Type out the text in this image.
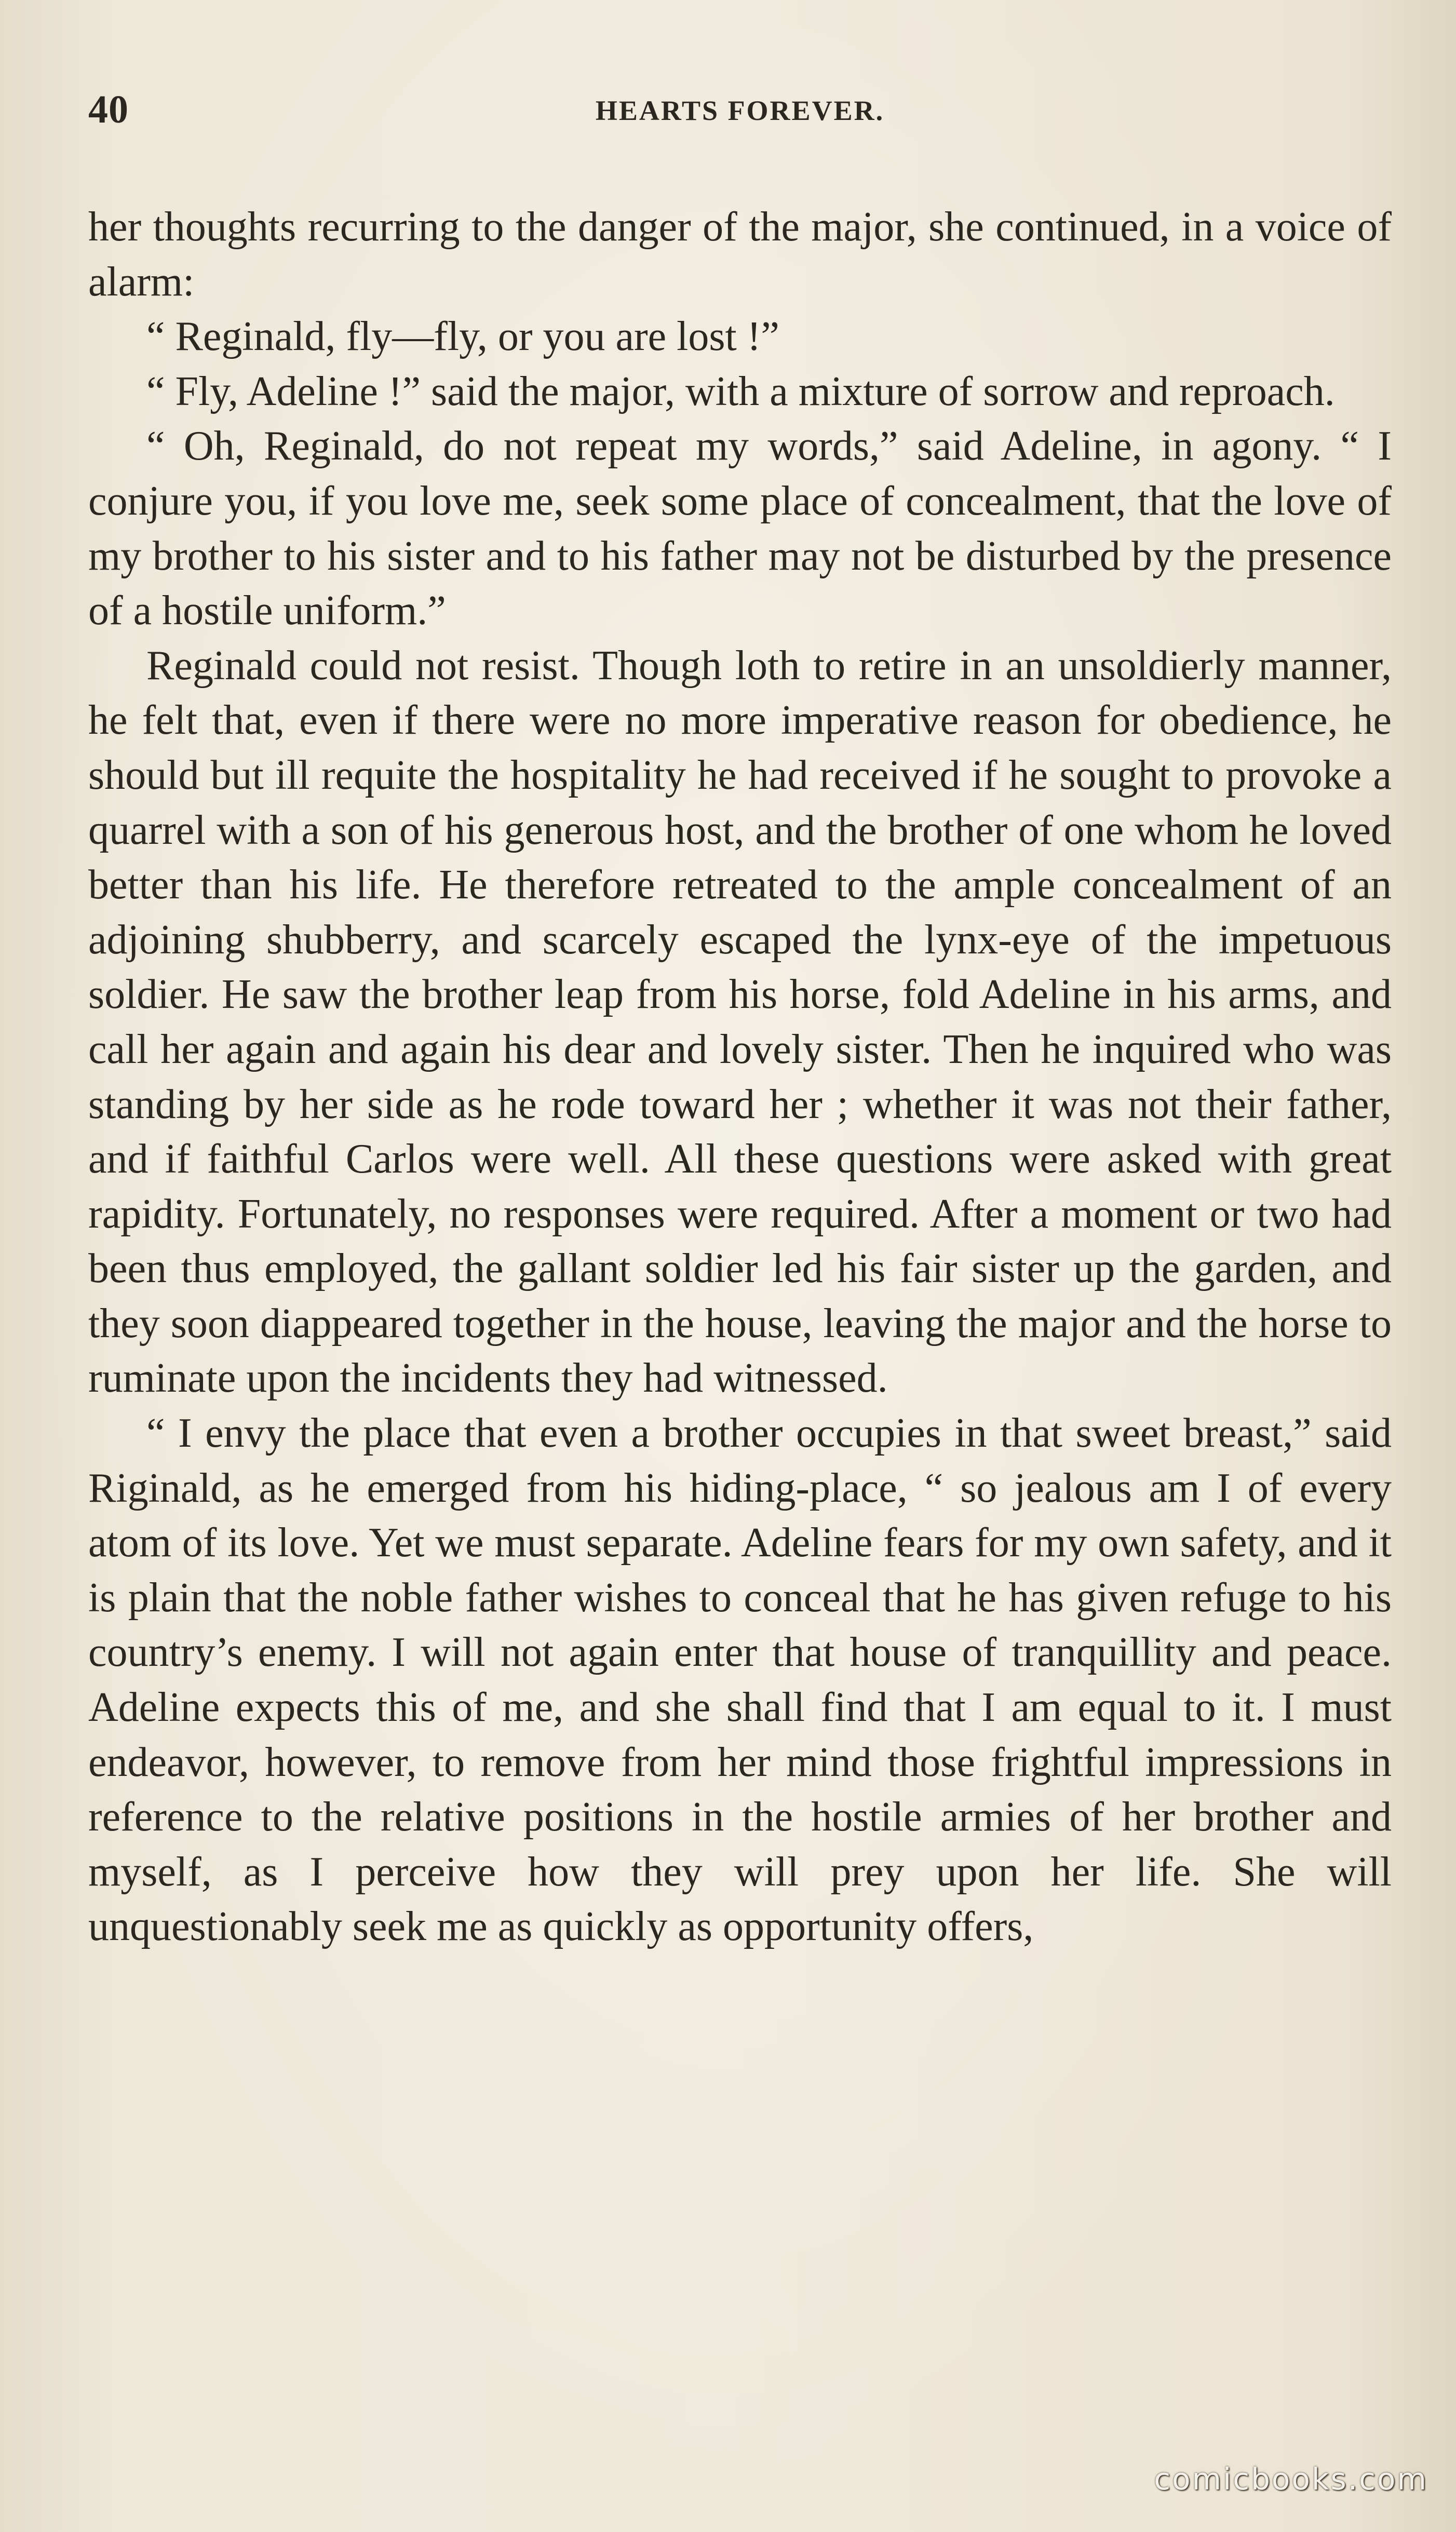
40	HEARTS FOREVER.

her thoughts recurring to the danger of the major, she continued, in a voice of alarm:

“ Reginald, fly—fly, or you are lost !”

“ Fly, Adeline !” said the major, with a mixture of sorrow and reproach.

“ Oh, Reginald, do not repeat my words,” said Adeline, in agony. “ I conjure you, if you love me, seek some place of concealment, that the love of my brother to his sister and to his father may not be disturbed by the presence of a hostile uniform.”

Reginald could not resist. Though loth to retire in an unsoldierly manner, he felt that, even if there were no more imperative reason for obedience, he should but ill requite the hospitality he had received if he sought to provoke a quarrel with a son of his generous host, and the brother of one whom he loved better than his life. He therefore retreated to the ample concealment of an adjoining shubberry, and scarcely escaped the lynx-eye of the impetuous soldier. He saw the brother leap from his horse, fold Adeline in his arms, and call her again and again his dear and lovely sister. Then he inquired who was standing by her side as he rode toward her ; whether it was not their father, and if faithful Carlos were well. All these questions were asked with great rapidity. Fortunately, no responses were required. After a moment or two had been thus employed, the gallant soldier led his fair sister up the garden, and they soon diappeared together in the house, leaving the major and the horse to ruminate upon the incidents they had witnessed.

“ I envy the place that even a brother occupies in that sweet breast,” said Riginald, as he emerged from his hiding-place, “ so jealous am I of every atom of its love. Yet we must separate. Adeline fears for my own safety, and it is plain that the noble father wishes to conceal that he has given refuge to his country’s enemy. I will not again enter that house of tranquillity and peace. Adeline expects this of me, and she shall find that I am equal to it. I must endeavor, however, to remove from her mind those frightful impressions in reference to the relative positions in the hostile armies of her brother and myself, as I perceive how they will prey upon her life. She will unquestionably seek me as quickly as opportunity offers,

comicbooks.com
